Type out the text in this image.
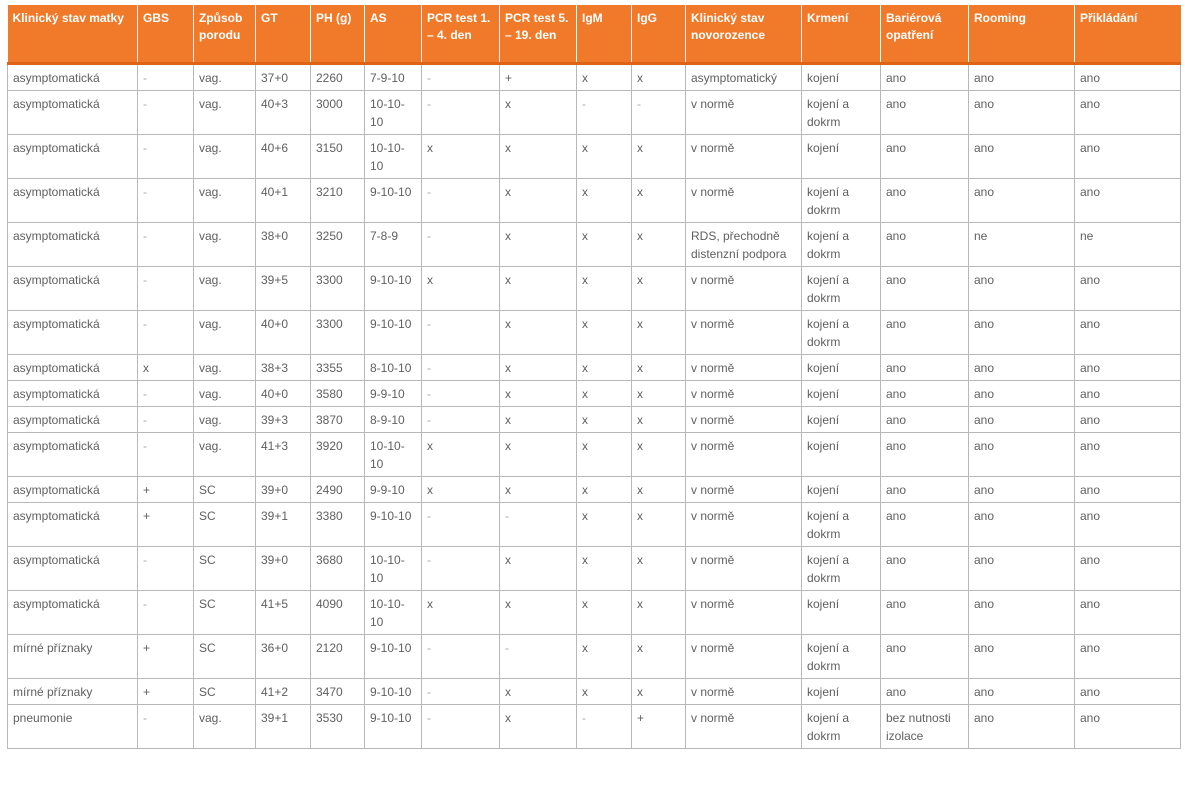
Klinický stav matky	GBS	Způsob porodu	GT	PH (g)	AS	PCR test 1. – 4. den	PCR test 5. – 19. den	IgM	IgG	Klinický stav novorozence	Krmení	Bariérová opatření	Rooming	Přikládání
asymptomatická	-	vag.	37+0	2260	7-9-10	-	+	x	x	asymptomatický	kojení	ano	ano	ano
asymptomatická	-	vag.	40+3	3000	10-10-10	-	x	-	-	v normě	kojení a dokrm	ano	ano	ano
asymptomatická	-	vag.	40+6	3150	10-10-10	x	x	x	x	v normě	kojení	ano	ano	ano
asymptomatická	-	vag.	40+1	3210	9-10-10	-	x	x	x	v normě	kojení a dokrm	ano	ano	ano
asymptomatická	-	vag.	38+0	3250	7-8-9	-	x	x	x	RDS, přechodně distenzní podpora	kojení a dokrm	ano	ne	ne
asymptomatická	-	vag.	39+5	3300	9-10-10	x	x	x	x	v normě	kojení a dokrm	ano	ano	ano
asymptomatická	-	vag.	40+0	3300	9-10-10	-	x	x	x	v normě	kojení a dokrm	ano	ano	ano
asymptomatická	x	vag.	38+3	3355	8-10-10	-	x	x	x	v normě	kojení	ano	ano	ano
asymptomatická	-	vag.	40+0	3580	9-9-10	-	x	x	x	v normě	kojení	ano	ano	ano
asymptomatická	-	vag.	39+3	3870	8-9-10	-	x	x	x	v normě	kojení	ano	ano	ano
asymptomatická	-	vag.	41+3	3920	10-10-10	x	x	x	x	v normě	kojení	ano	ano	ano
asymptomatická	+	SC	39+0	2490	9-9-10	x	x	x	x	v normě	kojení	ano	ano	ano
asymptomatická	+	SC	39+1	3380	9-10-10	-	-	x	x	v normě	kojení a dokrm	ano	ano	ano
asymptomatická	-	SC	39+0	3680	10-10-10	-	x	x	x	v normě	kojení a dokrm	ano	ano	ano
asymptomatická	-	SC	41+5	4090	10-10-10	x	x	x	x	v normě	kojení	ano	ano	ano
mírné příznaky	+	SC	36+0	2120	9-10-10	-	-	x	x	v normě	kojení a dokrm	ano	ano	ano
mírné příznaky	+	SC	41+2	3470	9-10-10	-	x	x	x	v normě	kojení	ano	ano	ano
pneumonie	-	vag.	39+1	3530	9-10-10	-	x	-	+	v normě	kojení a dokrm	bez nutnosti izolace	ano	ano
